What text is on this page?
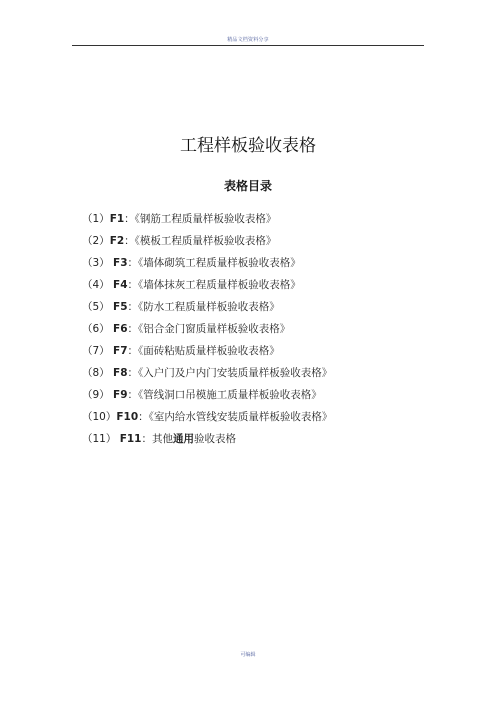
精品文档资料分享
工程样板验收表格
表格目录
（1）F1：《钢筋工程质量样板验收表格》
（2）F2：《模板工程质量样板验收表格》
（3） F3：《墙体砌筑工程质量样板验收表格》
（4） F4：《墙体抹灰工程质量样板验收表格》
（5） F5：《防水工程质量样板验收表格》
（6） F6：《铝合金门窗质量样板验收表格》
（7） F7：《面砖粘贴质量样板验收表格》
（8） F8：《入户门及户内门安装质量样板验收表格》
（9） F9：《管线洞口吊模施工质量样板验收表格》
（10）F10：《室内给水管线安装质量样板验收表格》
（11） F11：其他通用验收表格
可编辑
